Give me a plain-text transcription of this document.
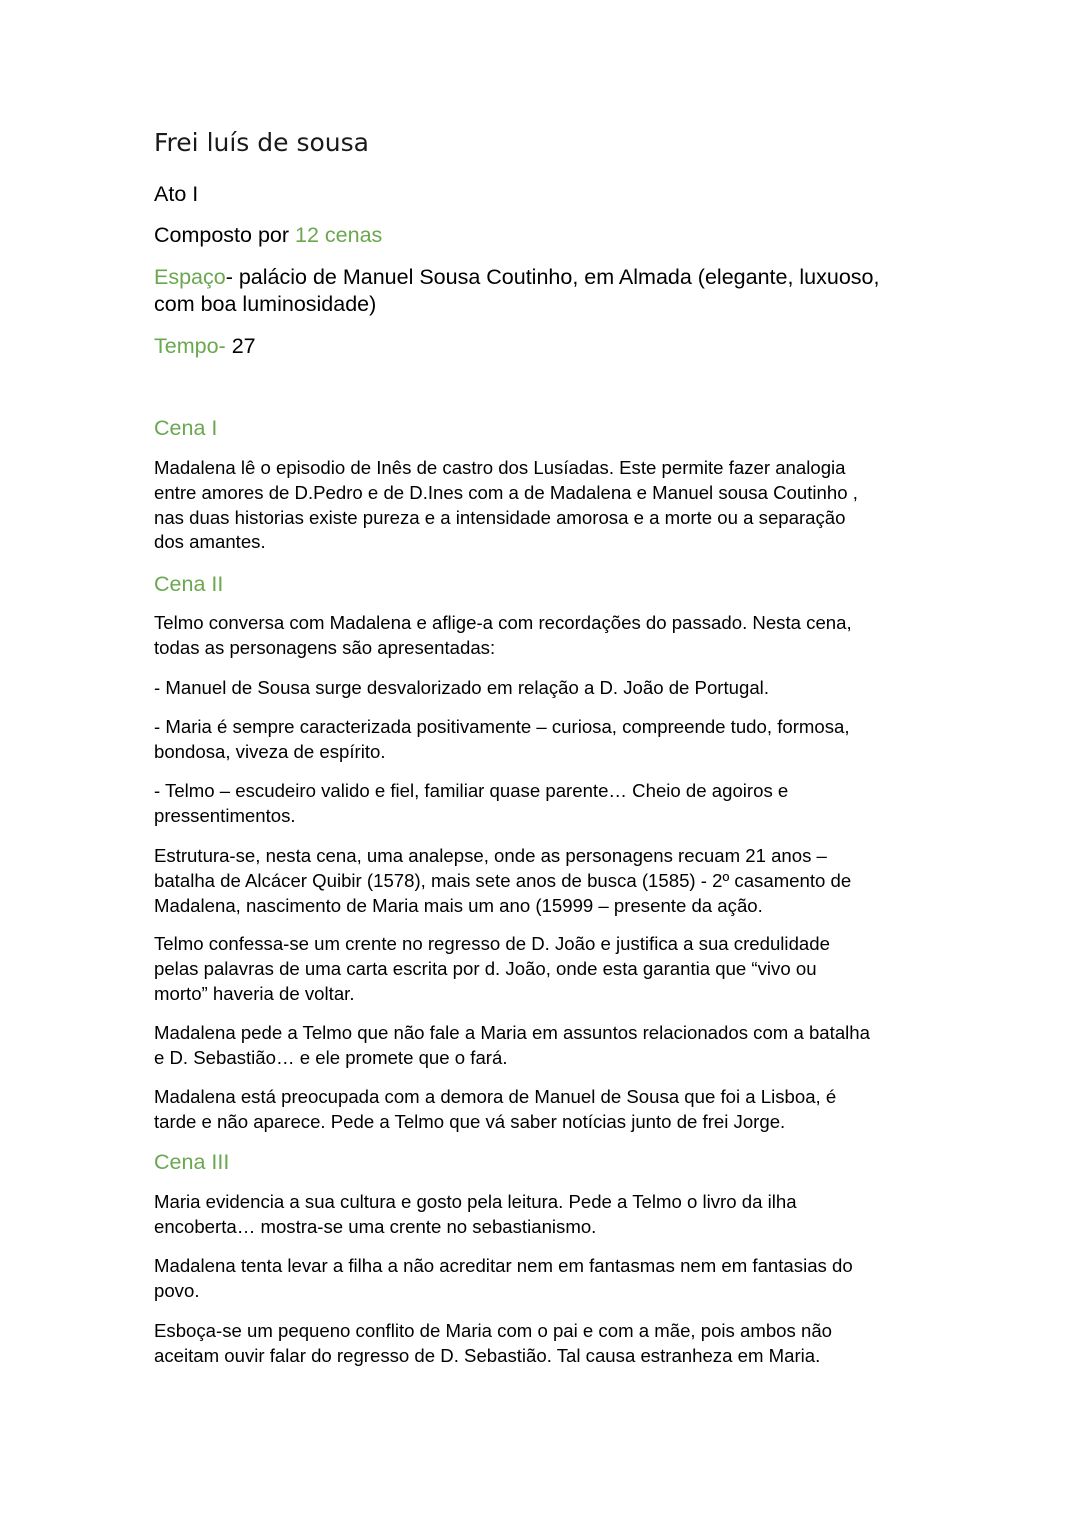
Frei luís de sousa
Ato I
Composto por 12 cenas
Espaço- palácio de Manuel Sousa Coutinho, em Almada (elegante, luxuoso,
com boa luminosidade)
Tempo- 27
Cena I
Madalena lê o episodio de Inês de castro dos Lusíadas. Este permite fazer analogia
entre amores de D.Pedro e de D.Ines com a de Madalena e Manuel sousa Coutinho ,
nas duas historias existe pureza e a intensidade amorosa e a morte ou a separação
dos amantes.
Cena II
Telmo conversa com Madalena e aflige-a com recordações do passado. Nesta cena,
todas as personagens são apresentadas:
- Manuel de Sousa surge desvalorizado em relação a D. João de Portugal.
- Maria é sempre caracterizada positivamente – curiosa, compreende tudo, formosa,
bondosa, viveza de espírito.
- Telmo – escudeiro valido e fiel, familiar quase parente… Cheio de agoiros e
pressentimentos.
Estrutura-se, nesta cena, uma analepse, onde as personagens recuam 21 anos –
batalha de Alcácer Quibir (1578), mais sete anos de busca (1585) - 2º casamento de
Madalena, nascimento de Maria mais um ano (15999 – presente da ação.
Telmo confessa-se um crente no regresso de D. João e justifica a sua credulidade
pelas palavras de uma carta escrita por d. João, onde esta garantia que “vivo ou
morto” haveria de voltar.
Madalena pede a Telmo que não fale a Maria em assuntos relacionados com a batalha
e D. Sebastião… e ele promete que o fará.
Madalena está preocupada com a demora de Manuel de Sousa que foi a Lisboa, é
tarde e não aparece. Pede a Telmo que vá saber notícias junto de frei Jorge.
Cena III
Maria evidencia a sua cultura e gosto pela leitura. Pede a Telmo o livro da ilha
encoberta… mostra-se uma crente no sebastianismo.
Madalena tenta levar a filha a não acreditar nem em fantasmas nem em fantasias do
povo.
Esboça-se um pequeno conflito de Maria com o pai e com a mãe, pois ambos não
aceitam ouvir falar do regresso de D. Sebastião. Tal causa estranheza em Maria.
